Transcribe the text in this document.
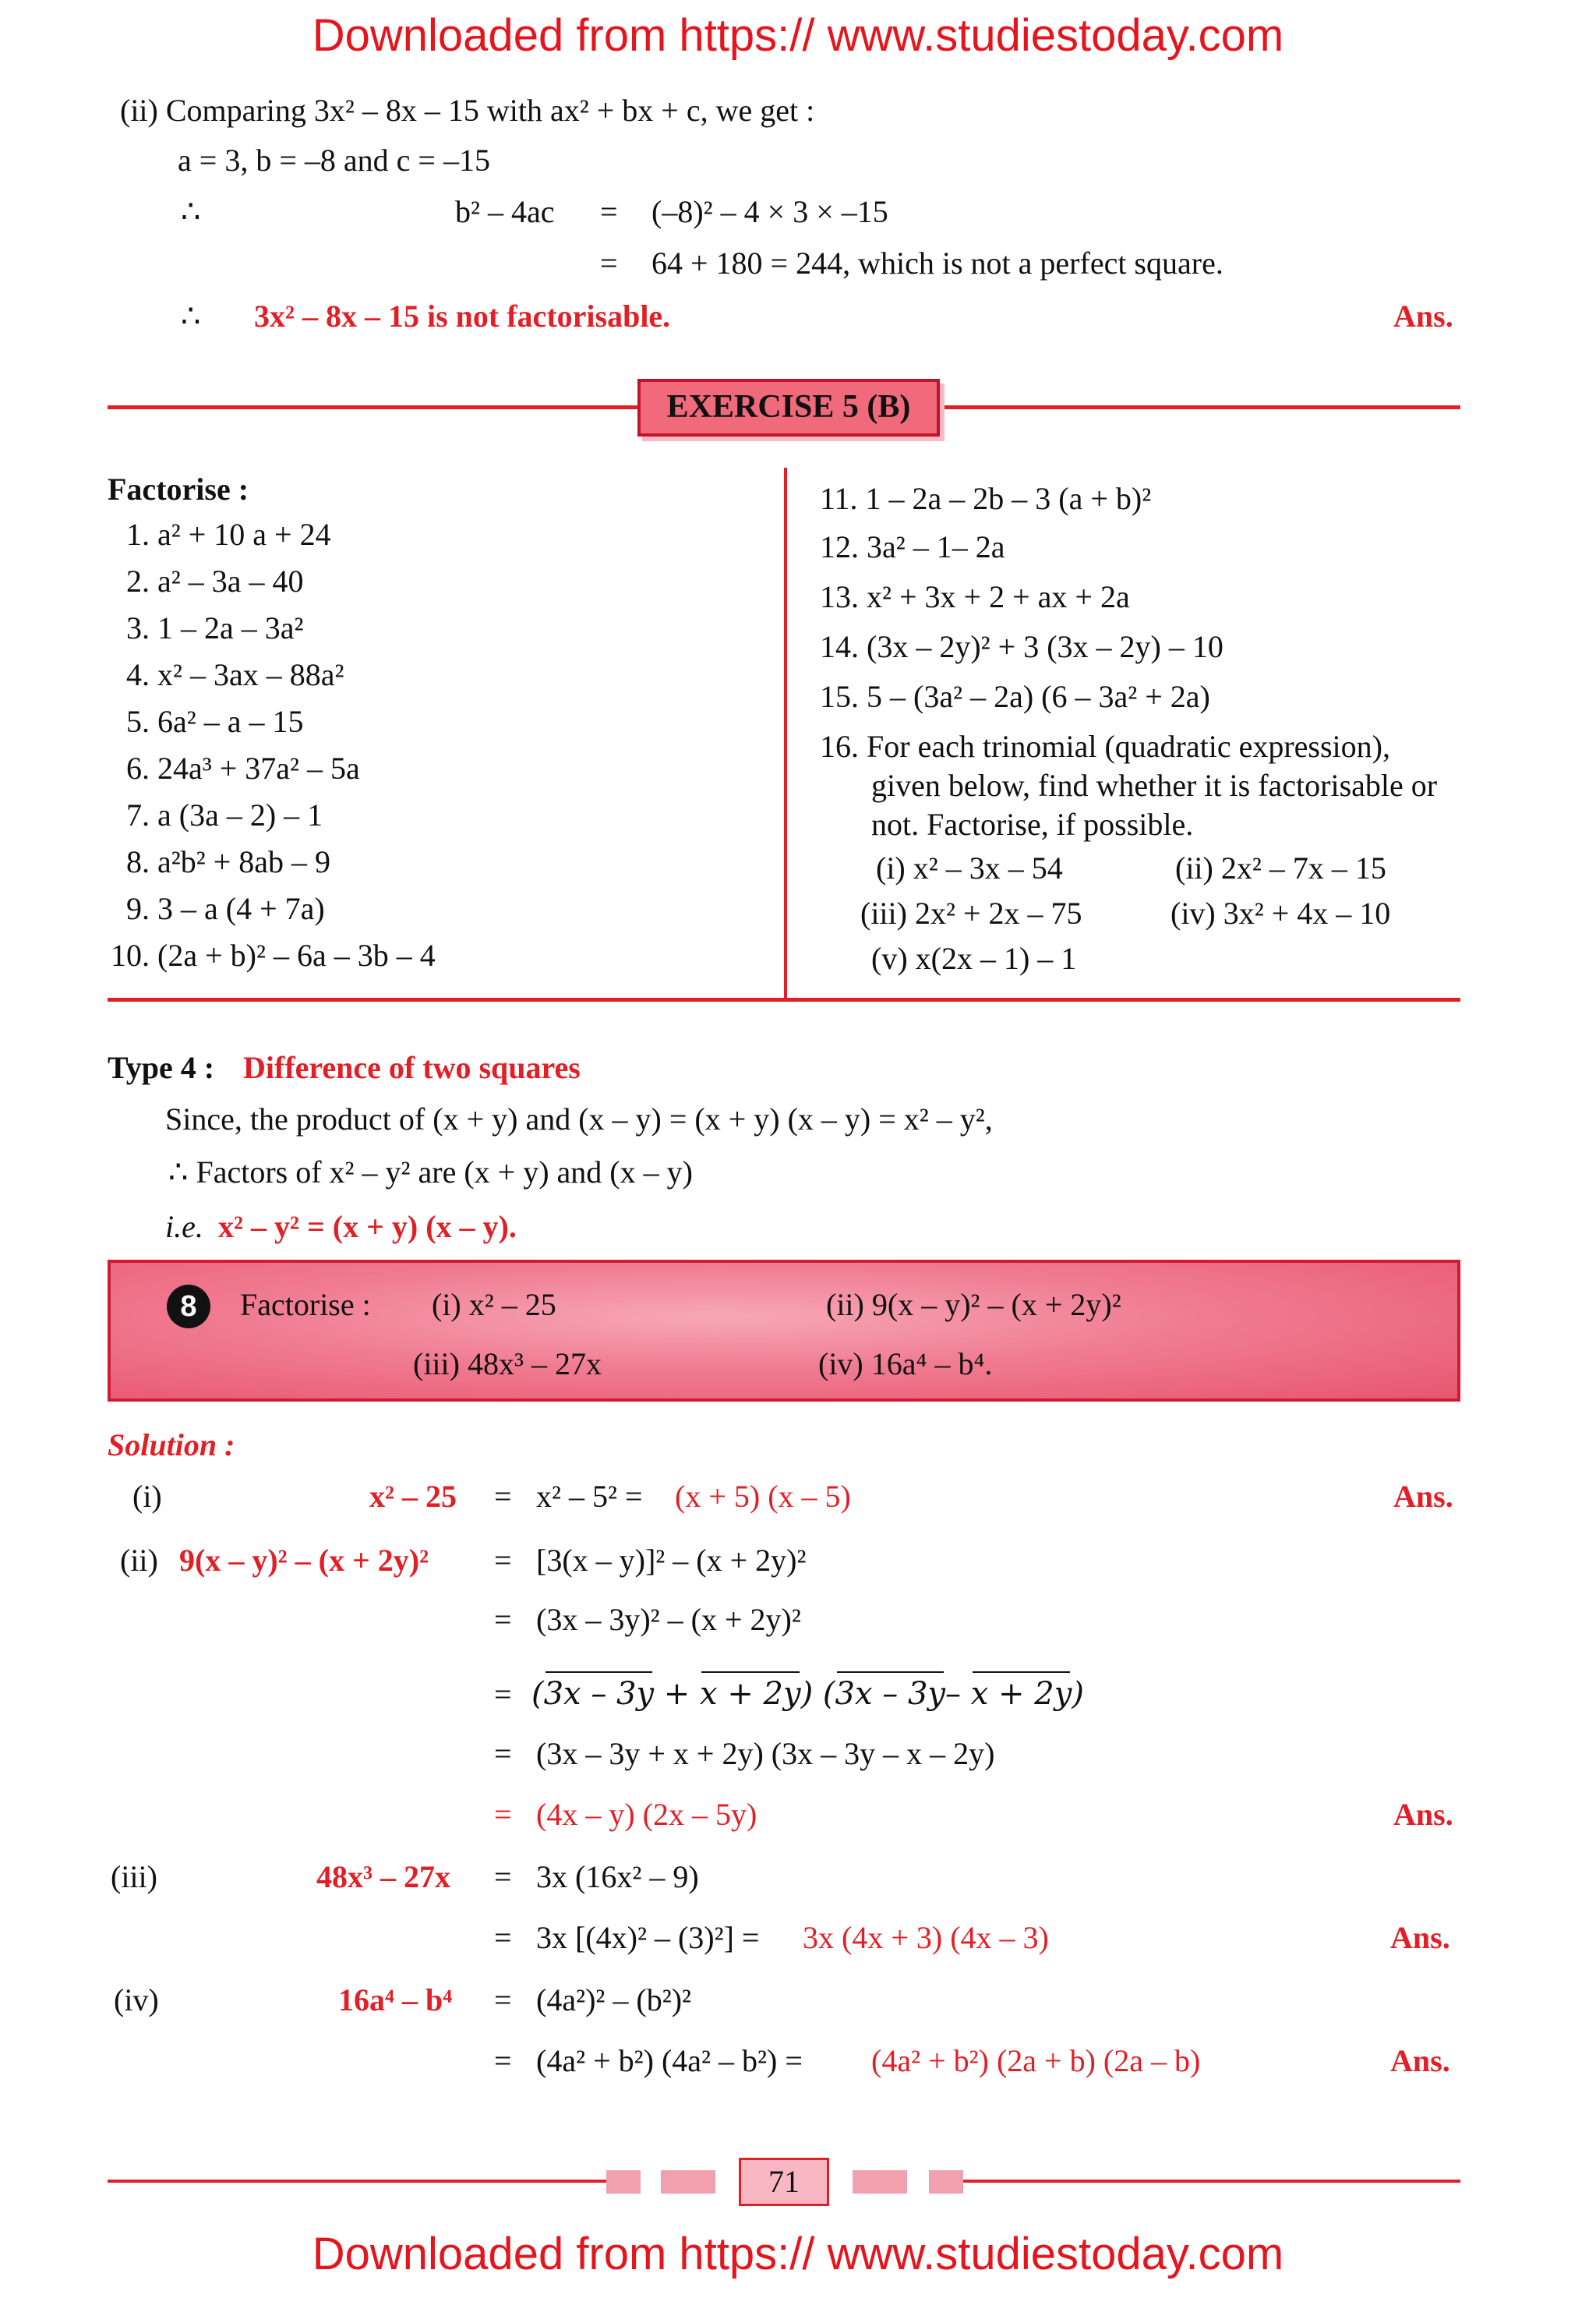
Downloaded from https:// www.studiestoday.com
(ii) Comparing 3x² – 8x – 15 with ax² + bx + c, we get :
a = 3, b = –8 and c = –15
∴	b² – 4ac = (–8)² – 4 × 3 × –15
= 64 + 180 = 244, which is not a perfect square.
∴ 3x² – 8x – 15 is not factorisable.	Ans.
EXERCISE 5 (B)
Factorise :
1. a² + 10 a + 24
2. a² – 3a – 40
3. 1 – 2a – 3a²
4. x² – 3ax – 88a²
5. 6a² – a – 15
6. 24a³ + 37a² – 5a
7. a (3a – 2) – 1
8. a²b² + 8ab – 9
9. 3 – a (4 + 7a)
10. (2a + b)² – 6a – 3b – 4
11. 1 – 2a – 2b – 3 (a + b)²
12. 3a² – 1– 2a
13. x² + 3x + 2 + ax + 2a
14. (3x – 2y)² + 3 (3x – 2y) – 10
15. 5 – (3a² – 2a) (6 – 3a² + 2a)
16. For each trinomial (quadratic expression),
given below, find whether it is factorisable or
not. Factorise, if possible.
(i) x² – 3x – 54	(ii) 2x² – 7x – 15
(iii) 2x² + 2x – 75	(iv) 3x² + 4x – 10
(v) x(2x – 1) – 1
Type 4 : Difference of two squares
Since, the product of (x + y) and (x – y) = (x + y) (x – y) = x² – y²,
∴ Factors of x² – y² are (x + y) and (x – y)
i.e. x² – y² = (x + y) (x – y).
8	Factorise : (i) x² – 25	(ii) 9(x – y)² – (x + 2y)²
(iii) 48x³ – 27x	(iv) 16a⁴ – b⁴.
Solution :
(i)	x² – 25 = x² – 5² = (x + 5) (x – 5)	Ans.
(ii) 9(x – y)² – (x + 2y)² = [3(x – y)]² – (x + 2y)²
= (3x – 3y)² – (x + 2y)²
= (3x – 3y + x + 2y) (3x – 3y– x + 2y)
= (3x – 3y + x + 2y) (3x – 3y – x – 2y)
= (4x – y) (2x – 5y)	Ans.
(iii)	48x³ – 27x = 3x (16x² – 9)
= 3x [(4x)² – (3)²] = 3x (4x + 3) (4x – 3)	Ans.
(iv)	16a⁴ – b⁴ = (4a²)² – (b²)²
= (4a² + b²) (4a² – b²) = (4a² + b²) (2a + b) (2a – b)	Ans.
71
Downloaded from https:// www.studiestoday.com
